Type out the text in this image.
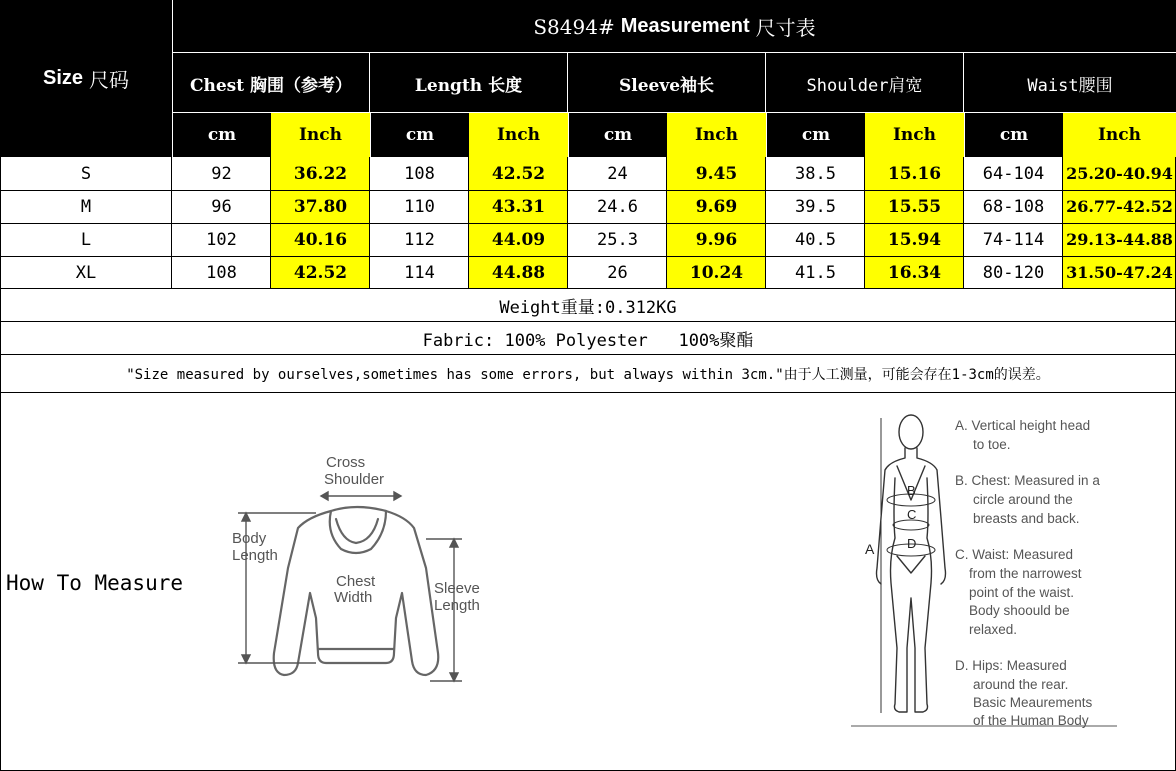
Size 尺码
S8494# Measurement 尺寸表
Chest 胸围（参考）	Length 长度	Sleeve袖长	Shoulder肩宽	Waist腰围
cm	Inch	cm	Inch	cm	Inch	cm	Inch	cm	Inch
S	92	36.22	108	42.52	24	9.45	38.5	15.16	64-104	25.20-40.94
M	96	37.80	110	43.31	24.6	9.69	39.5	15.55	68-108	26.77-42.52
L	102	40.16	112	44.09	25.3	9.96	40.5	15.94	74-114	29.13-44.88
XL	108	42.52	114	44.88	26	10.24	41.5	16.34	80-120	31.50-47.24
Weight重量:0.312KG
Fabric: 100% Polyester   100%聚酯
"Size measured by ourselves,sometimes has some errors, but always within 3cm."由于人工测量，可能会存在1-3cm的误差。
How To Measure
Cross
Shoulder
Body
Length
Chest
Width
Sleeve
Length
A
B
C
D
A. Vertical height head
to toe.
B. Chest: Measured in a
circle around the
breasts and back.
C. Waist: Measured
from the narrowest
point of the waist.
Body shoould be
relaxed.
D. Hips: Measured
around the rear.
Basic Meaurements
of the Human Body
